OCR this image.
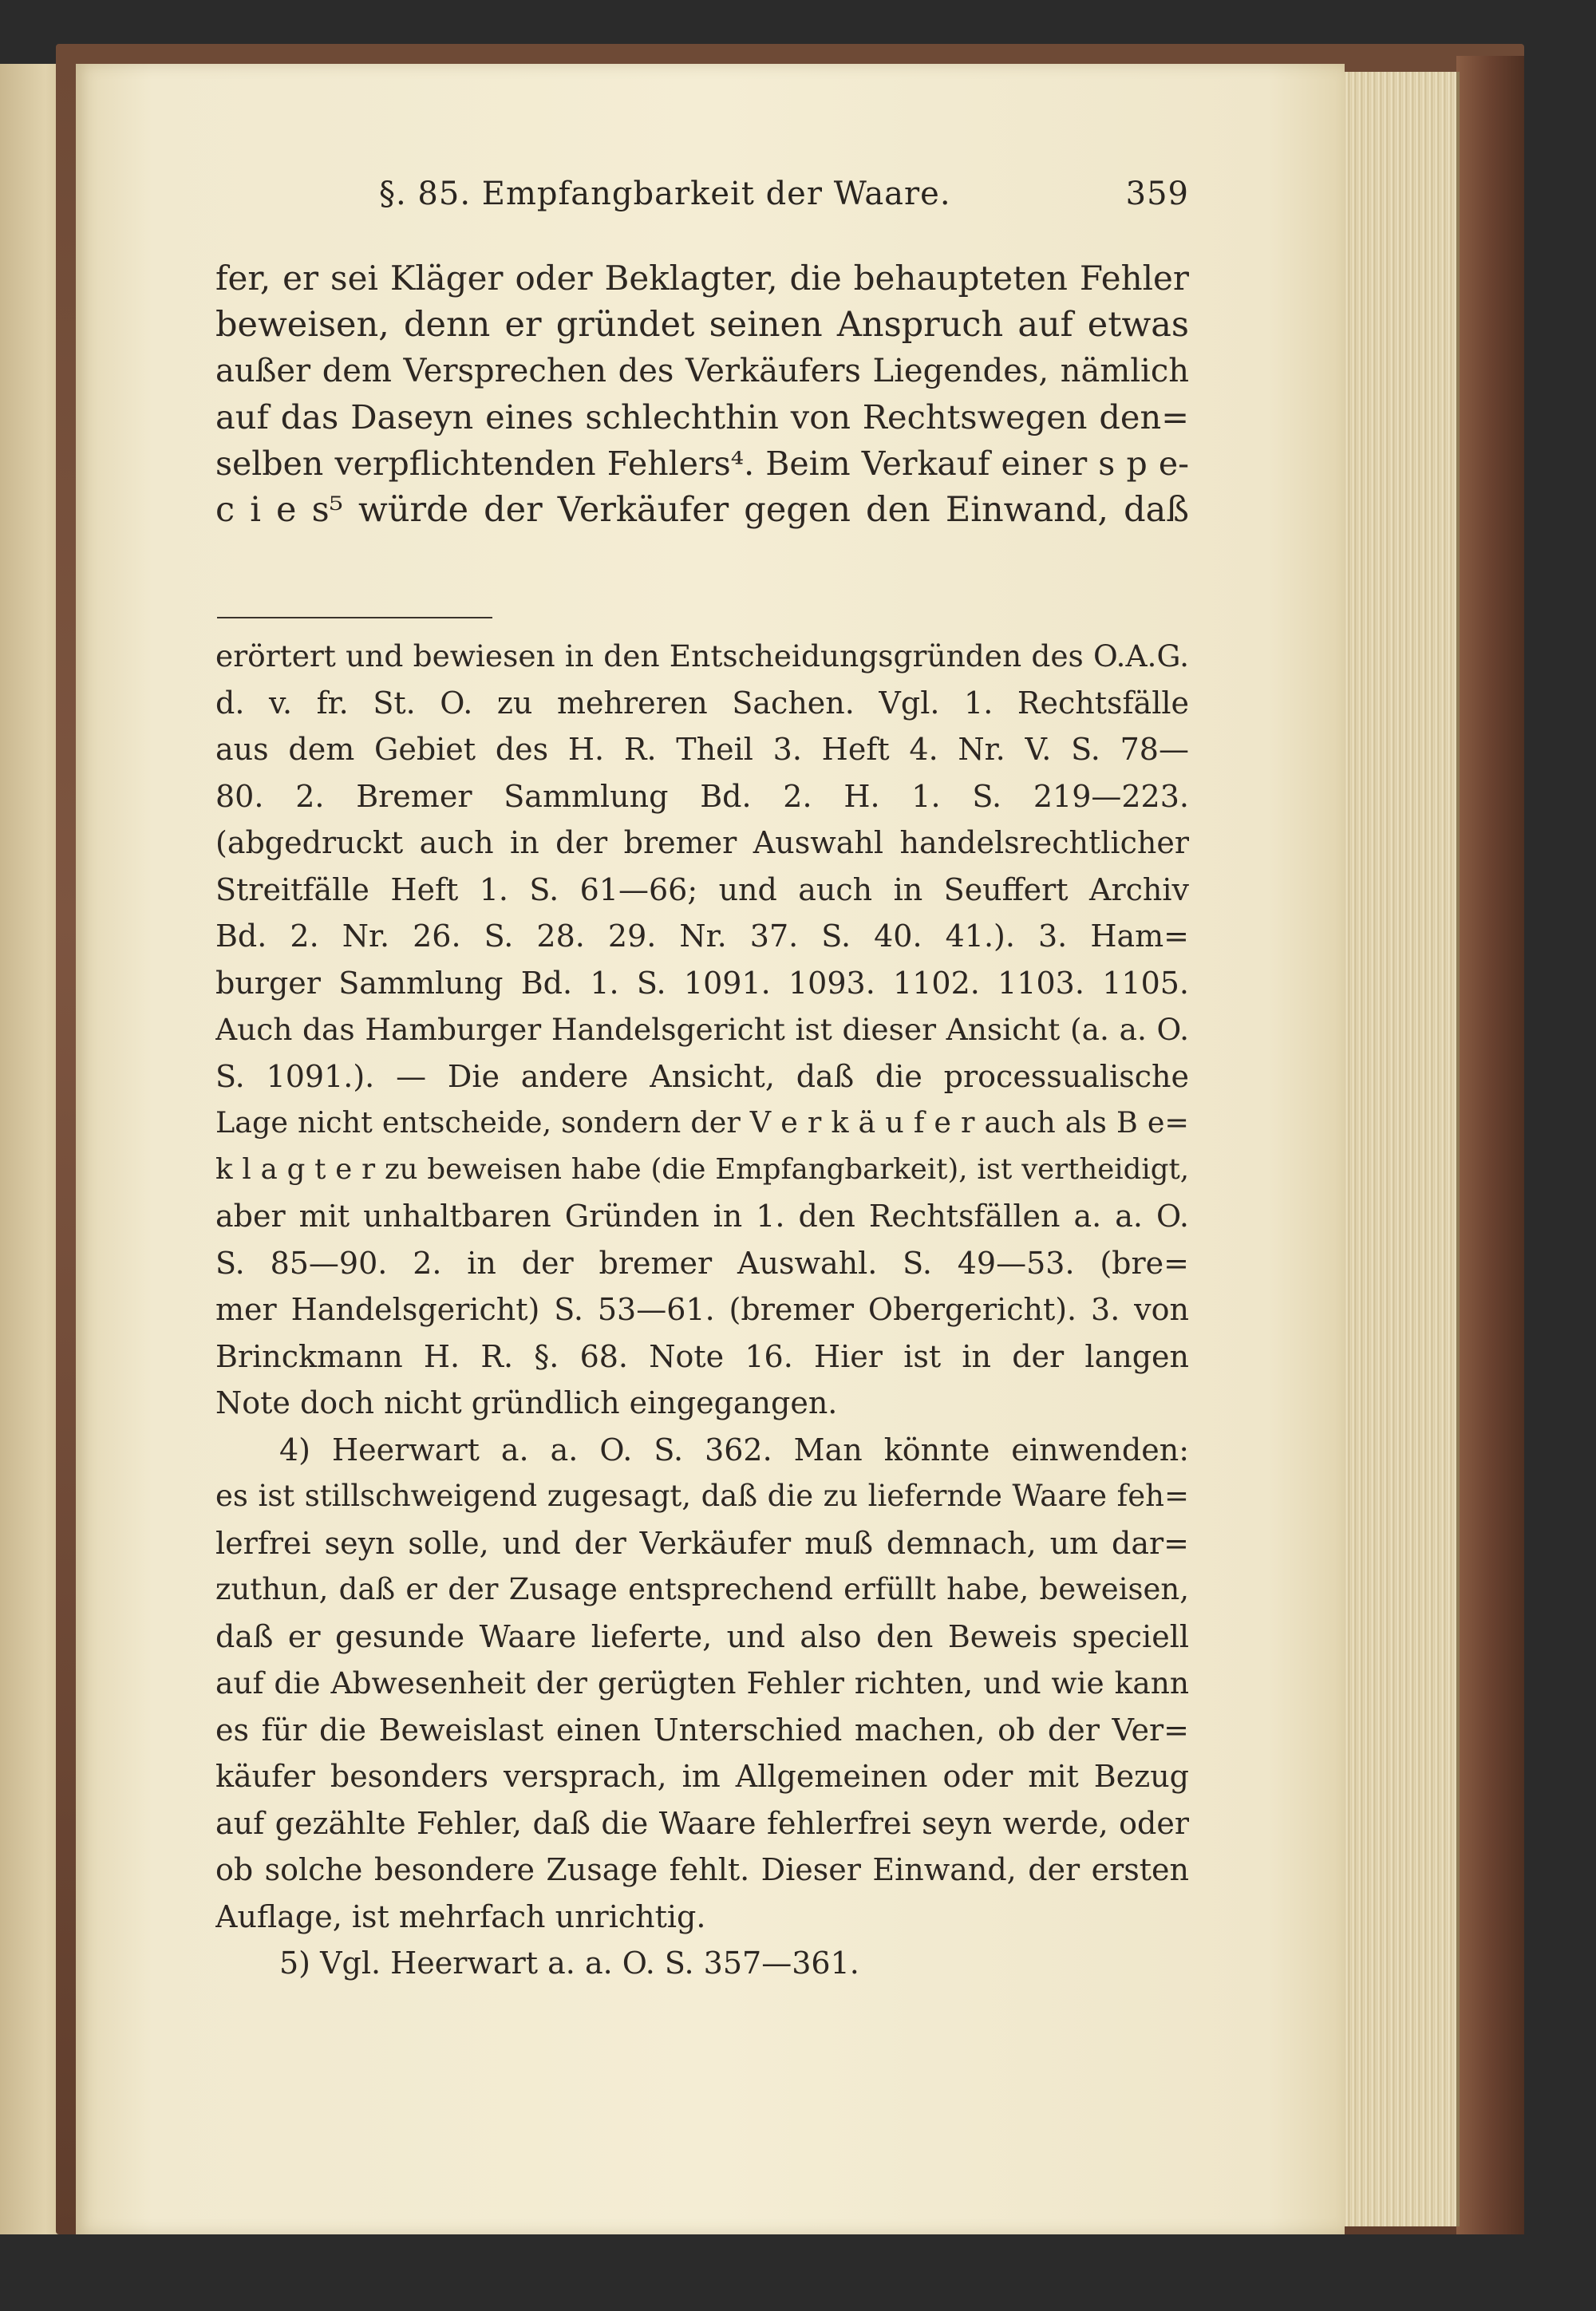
§. 85. Empfangbarkeit der Waare.	359
fer, er sei Kläger oder Beklagter, die behaupteten Fehler
beweisen, denn er gründet seinen Anspruch auf etwas
außer dem Versprechen des Verkäufers Liegendes, nämlich
auf das Daseyn eines schlechthin von Rechtswegen den=
selben verpflichtenden Fehlers⁴. Beim Verkauf einer s p e-
c i e s⁵ würde der Verkäufer gegen den Einwand, daß
erörtert und bewiesen in den Entscheidungsgründen des O.A.G.
d. v. fr. St. O. zu mehreren Sachen. Vgl. 1. Rechtsfälle
aus dem Gebiet des H. R. Theil 3. Heft 4. Nr. V. S. 78—
80. 2. Bremer Sammlung Bd. 2. H. 1. S. 219—223.
(abgedruckt auch in der bremer Auswahl handelsrechtlicher
Streitfälle Heft 1. S. 61—66; und auch in Seuffert Archiv
Bd. 2. Nr. 26. S. 28. 29. Nr. 37. S. 40. 41.). 3. Ham=
burger Sammlung Bd. 1. S. 1091. 1093. 1102. 1103. 1105.
Auch das Hamburger Handelsgericht ist dieser Ansicht (a. a. O.
S. 1091.). — Die andere Ansicht, daß die processualische
Lage nicht entscheide, sondern der V e r k ä u f e r auch als B e=
k l a g t e r zu beweisen habe (die Empfangbarkeit), ist vertheidigt,
aber mit unhaltbaren Gründen in 1. den Rechtsfällen a. a. O.
S. 85—90. 2. in der bremer Auswahl. S. 49—53. (bre=
mer Handelsgericht) S. 53—61. (bremer Obergericht). 3. von
Brinckmann H. R. §. 68. Note 16. Hier ist in der langen
Note doch nicht gründlich eingegangen.
4) Heerwart a. a. O. S. 362. Man könnte einwenden:
es ist stillschweigend zugesagt, daß die zu liefernde Waare feh=
lerfrei seyn solle, und der Verkäufer muß demnach, um dar=
zuthun, daß er der Zusage entsprechend erfüllt habe, beweisen,
daß er gesunde Waare lieferte, und also den Beweis speciell
auf die Abwesenheit der gerügten Fehler richten, und wie kann
es für die Beweislast einen Unterschied machen, ob der Ver=
käufer besonders versprach, im Allgemeinen oder mit Bezug
auf gezählte Fehler, daß die Waare fehlerfrei seyn werde, oder
ob solche besondere Zusage fehlt. Dieser Einwand, der ersten
Auflage, ist mehrfach unrichtig.
5) Vgl. Heerwart a. a. O. S. 357—361.
